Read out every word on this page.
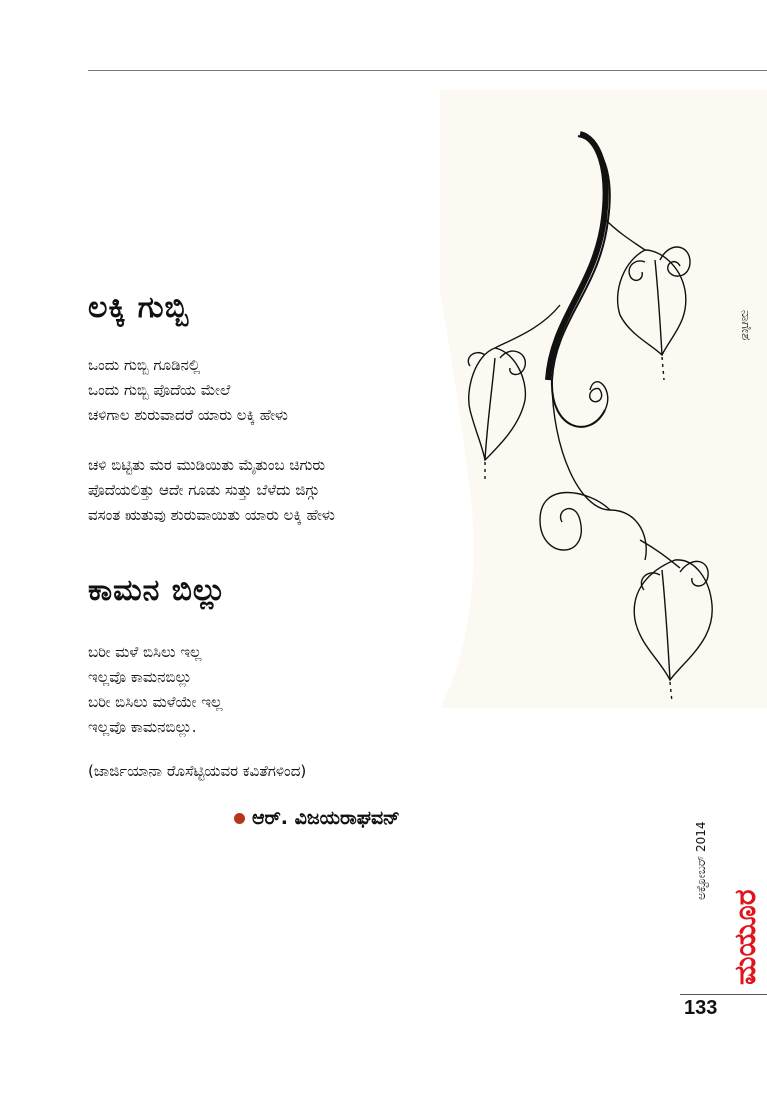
ನಾಗೇಶ
ಲಕ್ಕಿ ಗುಬ್ಬಿ
ಒಂದು ಗುಬ್ಬಿ ಗೂಡಿನಲ್ಲಿ
ಒಂದು ಗುಬ್ಬಿ ಪೊದೆಯ ಮೇಲೆ
ಚಳಿಗಾಲ ಶುರುವಾದರೆ ಯಾರು ಲಕ್ಕಿ ಹೇಳು
ಚಳಿ ಬಿಟ್ಟಿತು ಮರ ಮುಡಿಯಿತು ಮೈತುಂಬ ಚಿಗುರು
ಪೊದೆಯಲಿತ್ತು ಆದೇ ಗೂಡು ಸುತ್ತು ಬೆಳೆದು ಜಿಗ್ಗು
ವಸಂತ ಋತುವು ಶುರುವಾಯಿತು ಯಾರು ಲಕ್ಕಿ ಹೇಳು
ಕಾಮನ ಬಿಲ್ಲು
ಬರೀ ಮಳೆ ಬಿಸಿಲು ಇಲ್ಲ
ಇಲ್ಲವೊ ಕಾಮನಬಿಲ್ಲು
ಬರೀ ಬಿಸಿಲು ಮಳೆಯೇ ಇಲ್ಲ
ಇಲ್ಲವೊ ಕಾಮನಬಿಲ್ಲು.
(ಜಾರ್ಜಿಯಾನಾ ರೊಸೆಟ್ಟಿಯವರ ಕವಿತೆಗಳಿಂದ)
ಆರ್. ವಿಜಯರಾಘವನ್
ಅಕ್ಟೋಬರ್ 2014
ಮಯೂರ
133
